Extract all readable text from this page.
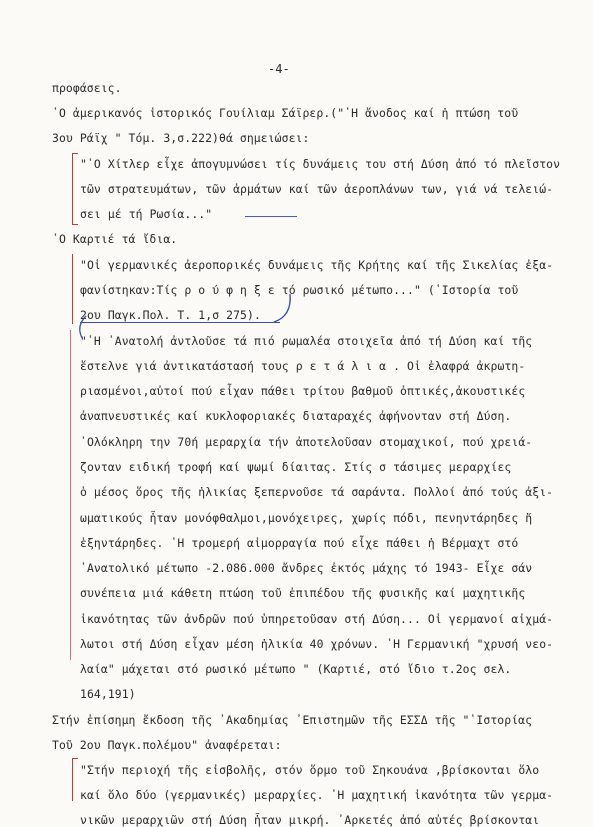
-4-
προφάσεις.
῾Ο ἀμερικανός ἱστορικός Γουίλιαμ Σάϊρερ.("῾Η ἄνοδος καί ἡ πτώση τοῦ
3ου Ράϊχ " Τόμ. 3,σ.222)θά σημειώσει:
"῾Ο Χίτλερ εἶχε ἀπογυμνώσει τίς δυνάμεις του στή Δύση ἀπό τό πλεῖστον
τῶν στρατευμάτων, τῶν ἁρμάτων καί τῶν ἀεροπλάνων των, γιά νά τελειώ-
σει μέ τή Ρωσία..."
῾Ο Καρτιέ τά ἴδια.
"Οἱ γερμανικές ἀεροπορικές δυνάμεις τῆς Κρήτης καί τῆς Σικελίας ἐξα-
φανίστηκαν:Τίς ρ ο ύ φ η ξ ε τό ρωσικό μέτωπο..." (῾Ιστορία τοῦ
2ου Παγκ.Πολ. Τ. 1,σ 275).
"῾Η ᾿Ανατολή ἀντλοῦσε τά πιό ρωμαλέα στοιχεῖα ἀπό τή Δύση καί τῆς
ἔστελνε γιά ἀντικατάστασή τους ρ ε τ ά λ ι α . Οἱ ἐλαφρά ἀκρωτη-
ριασμένοι,αὐτοί πού εἶχαν πάθει τρίτου βαθμοῦ ὀπτικές,ἀκουστικές
ἀναπνευστικές καί κυκλοφοριακές διαταραχές ἀφήνονταν στή Δύση.
᾿Ολόκληρη την 70ή μεραρχία τήν ἀποτελοῦσαν στομαχικοί, πού χρειά-
ζονταν ειδική τροφή καί ψωμί δίαιτας. Στίς σ τάσιμες μεραρχίες
ὁ μέσος ὅρος τῆς ἡλικίας ξεπερνοῦσε τά σαράντα. Πολλοί ἀπό τούς ἀξι-
ωματικούς ἦταν μονόφθαλμοι,μονόχειρες, χωρίς πόδι, πενηντάρηδες ἤ
ἑξηντάρηδες. ῾Η τρομερή αἱμορραγία πού εἶχε πάθει ἡ Βέρμαχτ στό
᾿Ανατολικό μέτωπο -2.086.000 ἄνδρες ἐκτός μάχης τό 1943- Εἶχε σάν
συνέπεια μιά κάθετη πτώση τοῦ ἐπιπέδου τῆς φυσικῆς καί μαχητικῆς
ἱκανότητας τῶν ἀνδρῶν πού ὑπηρετοῦσαν στή Δύση... Οἱ γερμανοί αἰχμά-
λωτοι στή Δύση εἶχαν μέση ἡλικία 40 χρόνων. ῾Η Γερμανική "χρυσή νεο-
λαία" μάχεται στό ρωσικό μέτωπο " (Καρτιέ, στό ἴδιο τ.2ος σελ.
164,191)
Στήν ἐπίσημη ἔκδοση τῆς ᾿Ακαδημίας ᾿Επιστημῶν τῆς ΕΣΣΔ τῆς "῾Ιστορίας
Τοῦ 2ου Παγκ.πολέμου" ἀναφέρεται:
"Στήν περιοχή τῆς εἰσβολῆς, στόν ὅρμο τοῦ Σηκουάνα ,βρίσκονται ὅλο
καί ὅλο δύο (γερμανικές) μεραρχίες. ῾Η μαχητική ἱκανότητα τῶν γερμα-
νικῶν μεραρχιῶν στή Δύση ἦταν μικρή. ᾿Αρκετές ἀπό αὐτές βρίσκονται
